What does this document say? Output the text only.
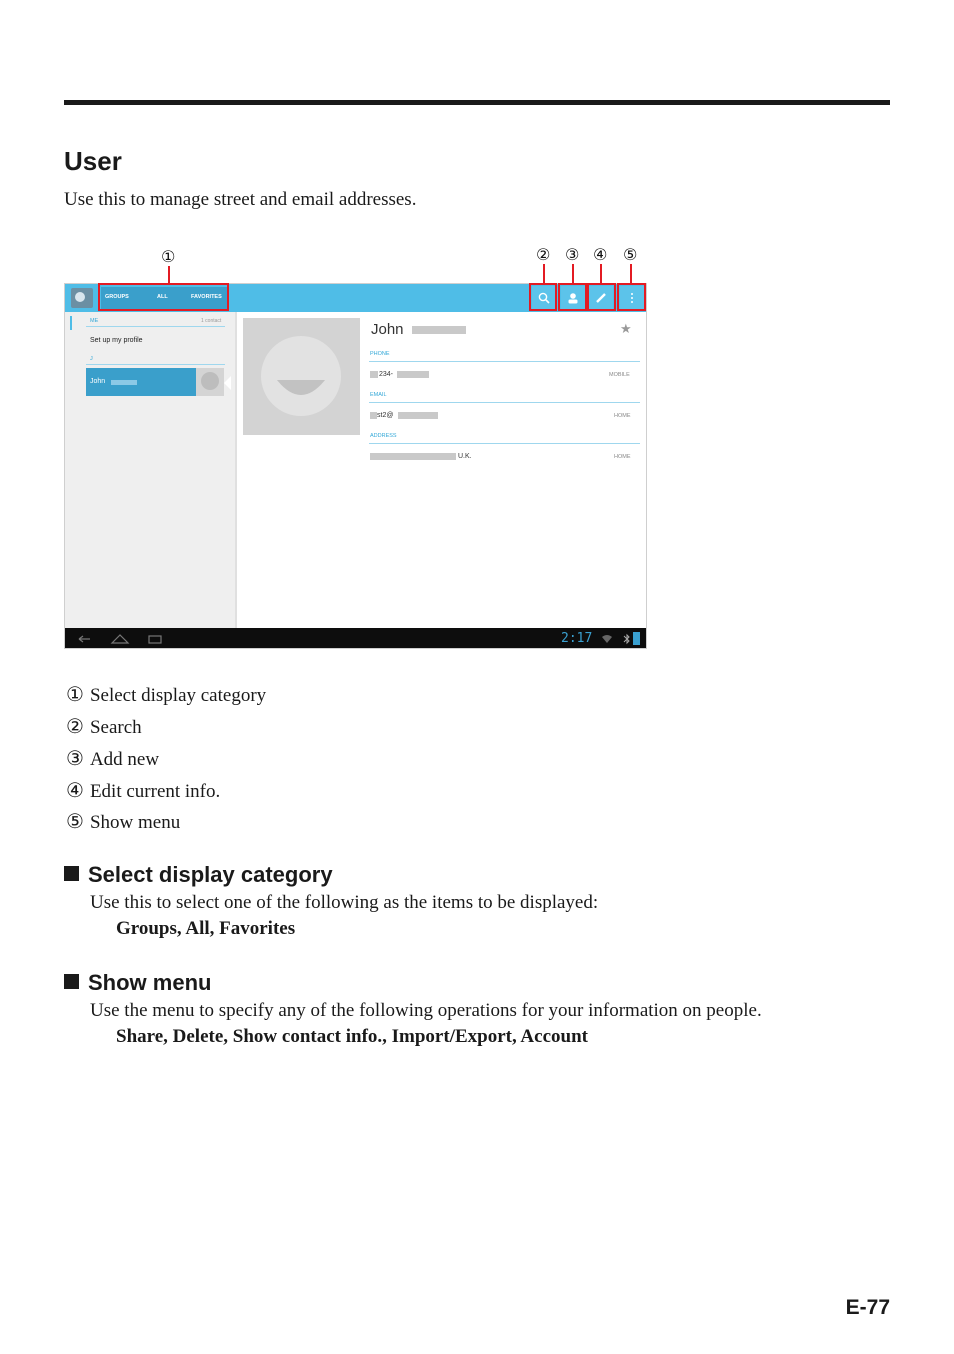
User
Use this to manage street and email addresses.
①	② ③ ④ ⑤
GROUPS	ALL	FAVORITES
ME	1 contact
Set up my profile
J
John
John	★
PHONE
234-	MOBILE
EMAIL
st2@	HOME
ADDRESS
U.K.	HOME
2:17
① Select display category
② Search
③ Add new
④ Edit current info.
⑤ Show menu
Select display category
Use this to select one of the following as the items to be displayed:
Groups, All, Favorites
Show menu
Use the menu to specify any of the following operations for your information on people.
Share, Delete, Show contact info., Import/Export, Account
E-77
